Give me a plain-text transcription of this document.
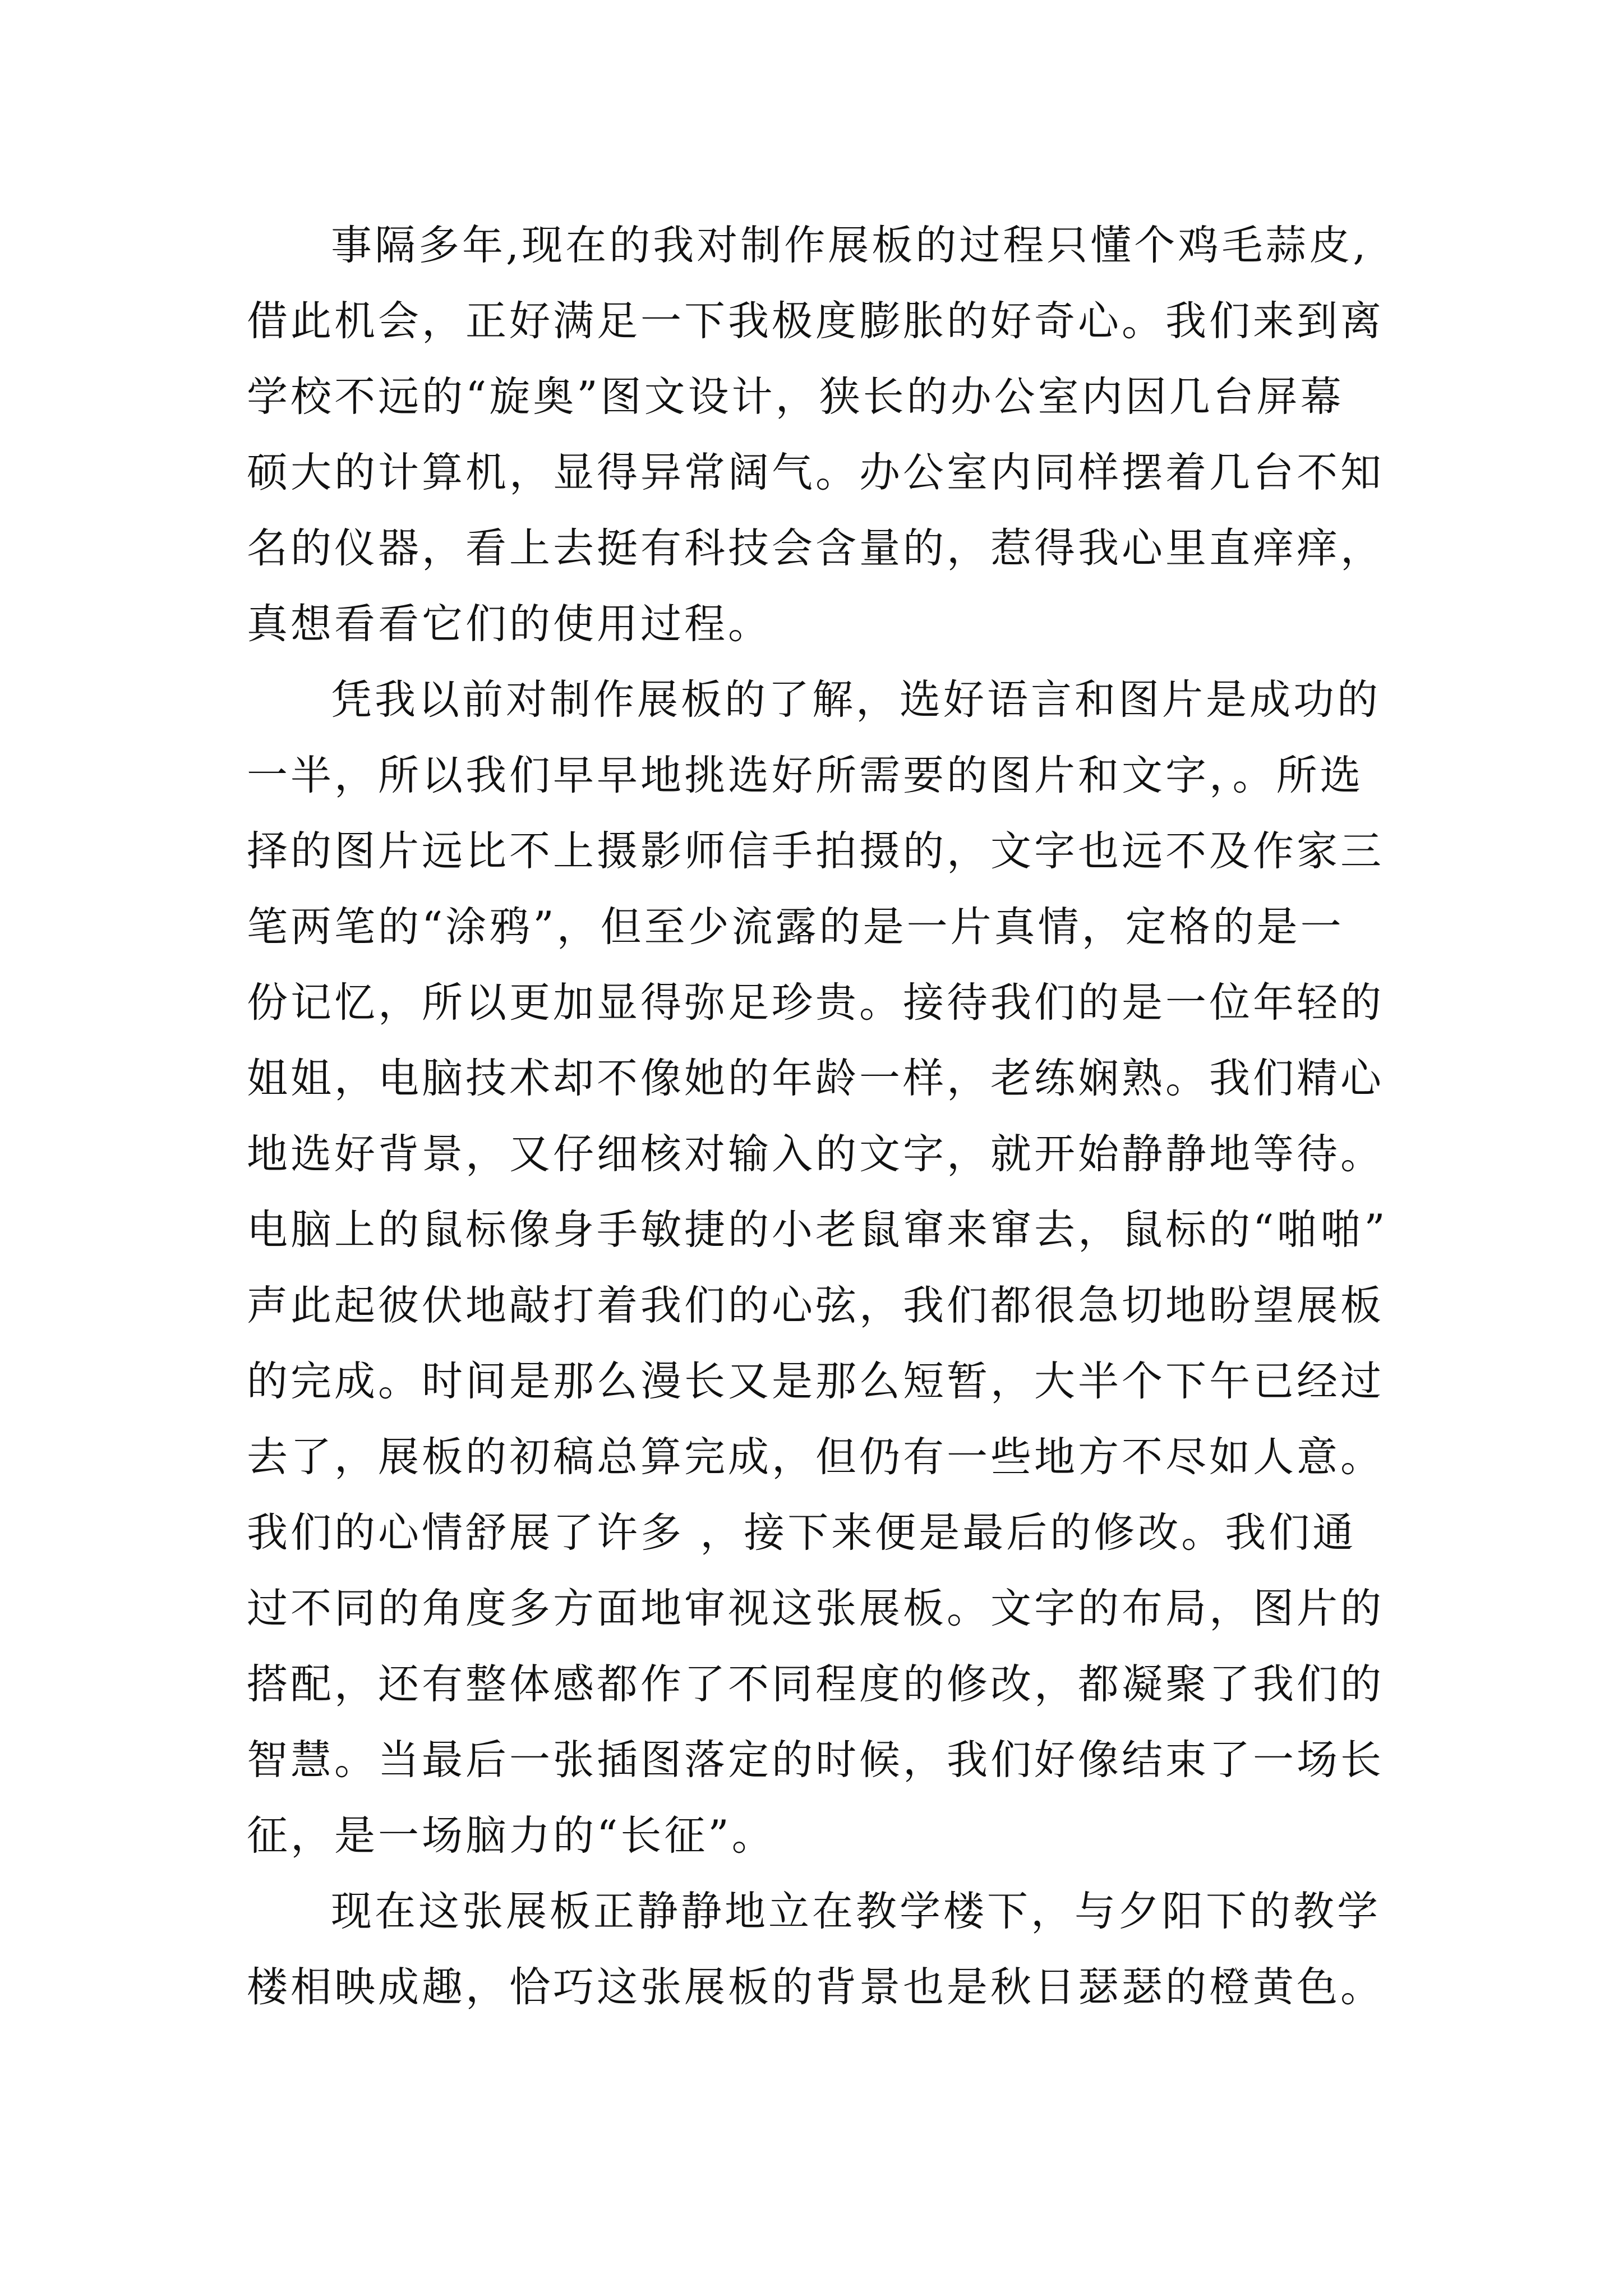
事隔多年,现在的我对制作展板的过程只懂个鸡毛蒜皮,
借此机会，正好满足一下我极度膨胀的好奇心。我们来到离
学校不远的“旋奥”图文设计，狭长的办公室内因几台屏幕
硕大的计算机，显得异常阔气。办公室内同样摆着几台不知
名的仪器，看上去挺有科技会含量的，惹得我心里直痒痒，
真想看看它们的使用过程。
凭我以前对制作展板的了解，选好语言和图片是成功的
一半，所以我们早早地挑选好所需要的图片和文字，。所选
择的图片远比不上摄影师信手拍摄的，文字也远不及作家三
笔两笔的“涂鸦”，但至少流露的是一片真情，定格的是一
份记忆，所以更加显得弥足珍贵。接待我们的是一位年轻的
姐姐，电脑技术却不像她的年龄一样，老练娴熟。我们精心
地选好背景，又仔细核对输入的文字，就开始静静地等待。
电脑上的鼠标像身手敏捷的小老鼠窜来窜去，鼠标的“啪啪”
声此起彼伏地敲打着我们的心弦，我们都很急切地盼望展板
的完成。时间是那么漫长又是那么短暂，大半个下午已经过
去了，展板的初稿总算完成，但仍有一些地方不尽如人意。
我们的心情舒展了许多 ，接下来便是最后的修改。我们通
过不同的角度多方面地审视这张展板。文字的布局，图片的
搭配，还有整体感都作了不同程度的修改，都凝聚了我们的
智慧。当最后一张插图落定的时候，我们好像结束了一场长
征，是一场脑力的“长征”。
现在这张展板正静静地立在教学楼下，与夕阳下的教学
楼相映成趣，恰巧这张展板的背景也是秋日瑟瑟的橙黄色。
